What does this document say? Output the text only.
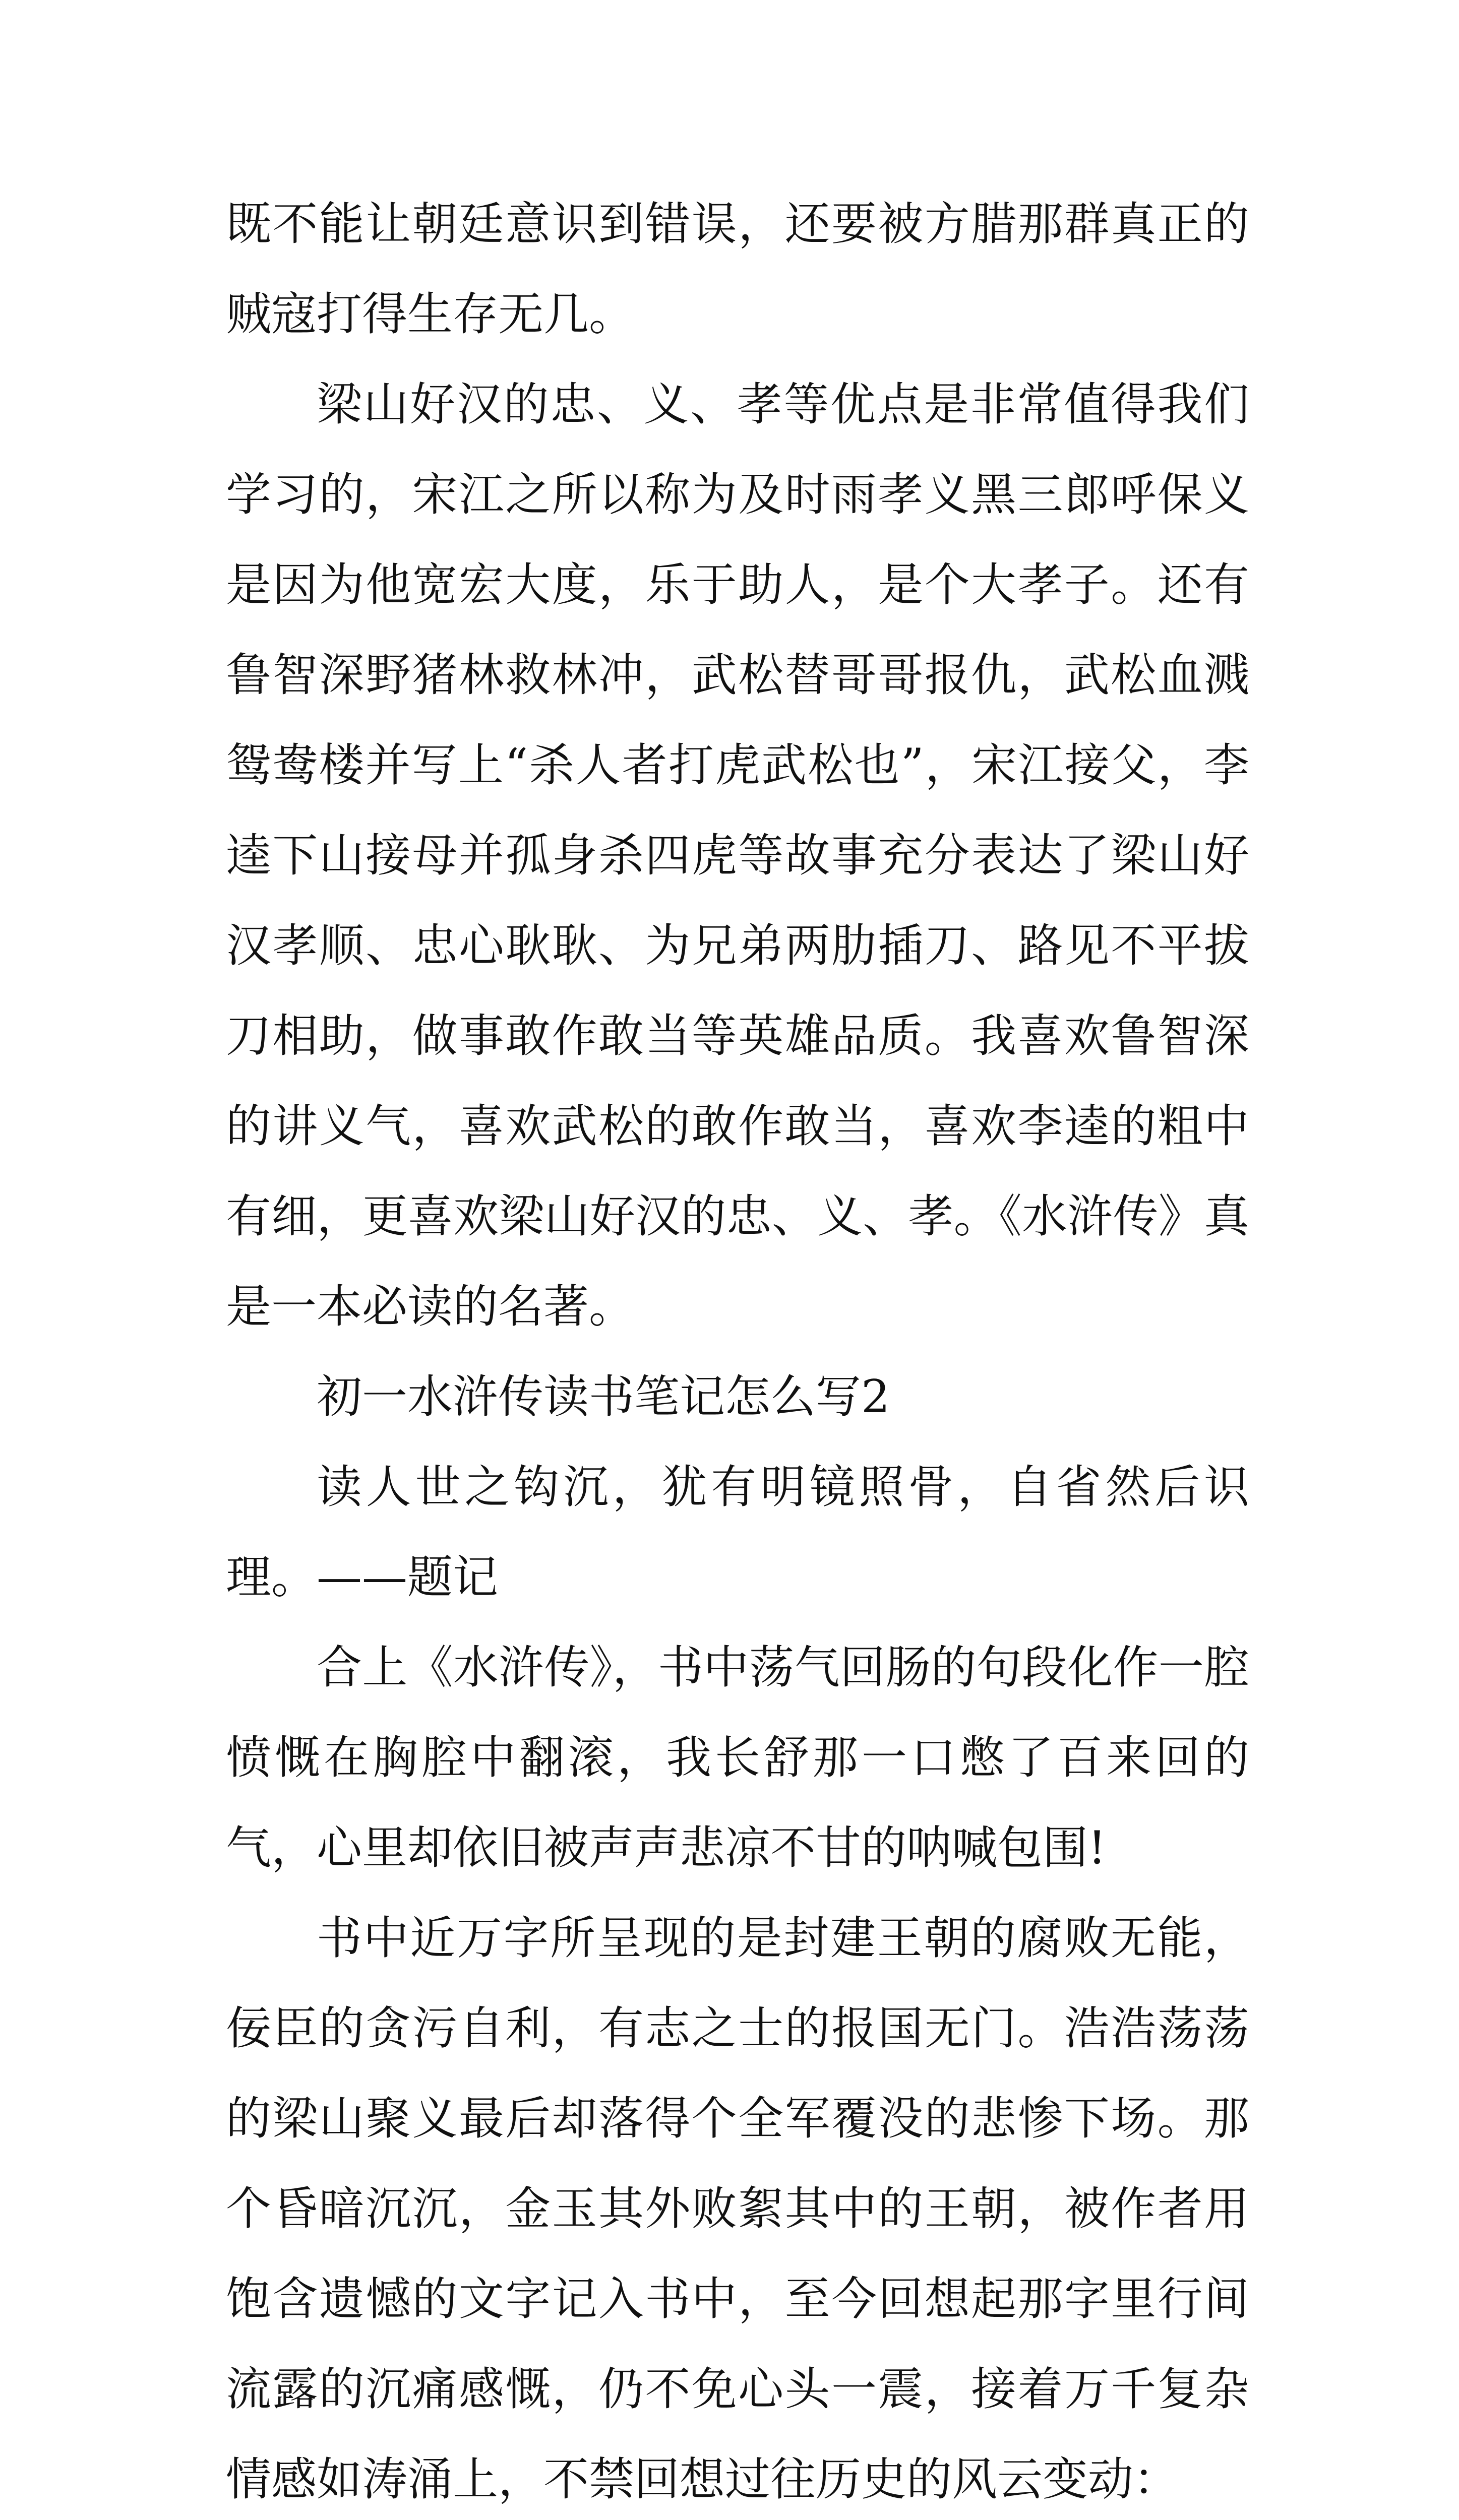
既不能让朝廷意识到错误，还要被方腊那群真正的贼寇打得生存无几。

梁山好汉的忠、义、孝等优点是非常值得我们学习的，宋江之所以称为及时雨孝义黑三郎呼保义是因为他宽宏大度，乐于助人，是个大孝子。还有鲁智深野猪林救林冲，武松替哥哥报仇，武松血溅鸳鸯楼并写上“杀人者打虎武松也”，宋江接父，李逵下山接母并孤身杀四虎等故事充分表达了梁山好汉孝顺、忠心耿耿、为兄弟两肋插刀、路见不平拔刀相助，做事敢作敢当等英雄品质。我喜欢鲁智深的讲义气，喜欢武松的敢作敢当，喜欢李逵的粗中有细，更喜欢梁山好汉的忠、义、孝。《水浒传》真是一本必读的名著。

初一水浒传读书笔记怎么写2

读人世之钩沉，犹有明镜照骨，自省然后识理。——题记

合上《水浒传》，书中荡气回肠的句段化作一腔愤慨在胸腔中翻滚，我长舒那一口憋了百来回的气，心里却依旧被声声悲凉不甘的呐喊包围!

书中近万字所呈现的是封建王朝的腐败无能，佞臣的贪污自利，有志之士的报国无门。浩浩荡荡的梁山聚义最后却落得个全军覆没的悲惨下场。那个昏暗沉沉，金玉其外败絮其中的王朝，被作者用饱含遗憾的文字记入书中，至今回想起那字里行间流露的沉痛感慨，仍不免心头一震，接着万千复杂情感如涛涌上，不禁回想过往历史的风云变动：
